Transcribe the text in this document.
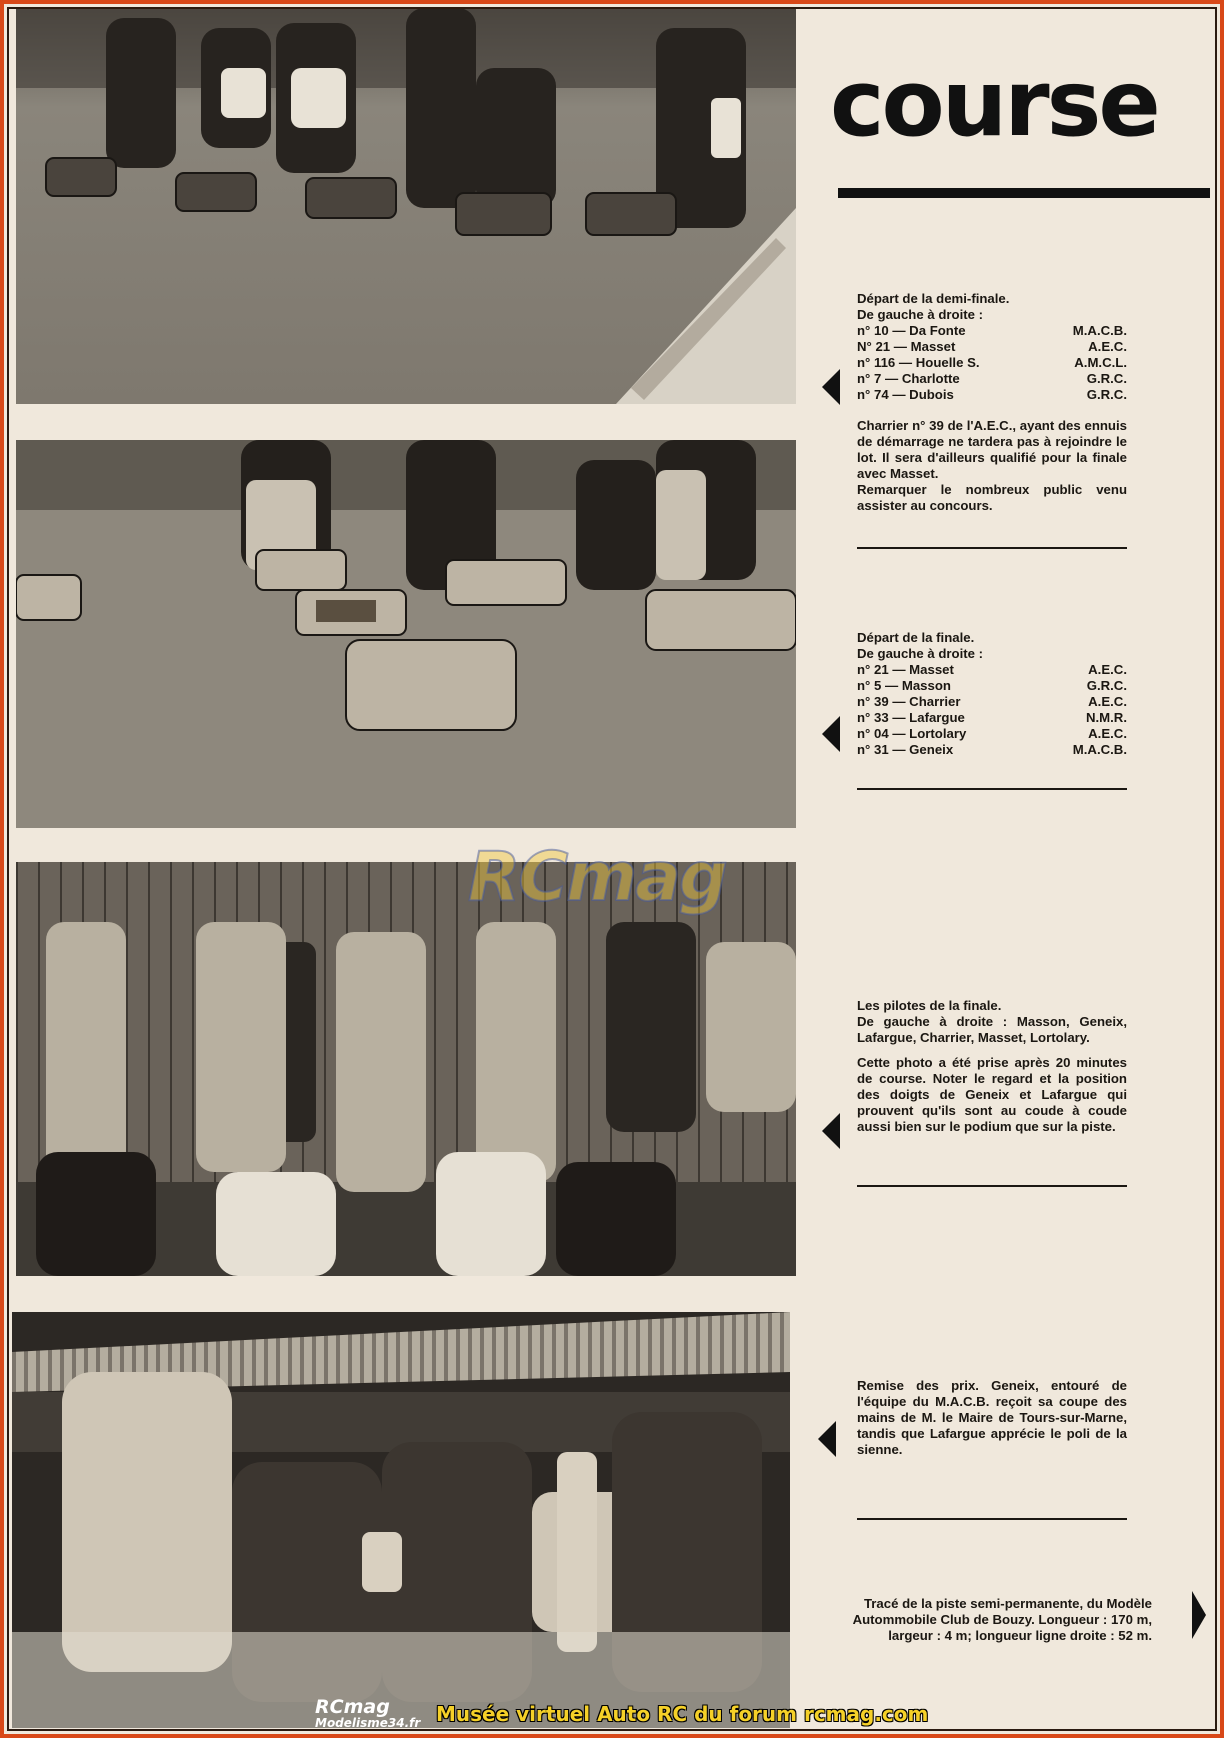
course

Départ de la demi-finale.

De gauche à droite :

n° 10 — Da Fonte	M.A.C.B.
N° 21 — Masset	A.E.C.
n° 116 — Houelle S.	A.M.C.L.
n° 7 — Charlotte	G.R.C.
n° 74 — Dubois	G.R.C.

Charrier n° 39 de l'A.E.C., ayant des ennuis de démarrage ne tardera pas à rejoindre le lot. Il sera d'ailleurs qualifié pour la finale avec Masset.

Remarquer le nombreux public venu assister au concours.

Départ de la finale.

De gauche à droite :

n° 21 — Masset	A.E.C.
n° 5 — Masson	G.R.C.
n° 39 — Charrier	A.E.C.
n° 33 — Lafargue	N.M.R.
n° 04 — Lortolary	A.E.C.
n° 31 — Geneix	M.A.C.B.

Les pilotes de la finale.

De gauche à droite : Masson, Geneix, Lafargue, Charrier, Masset, Lortolary.

Cette photo a été prise après 20 minutes de course. Noter le regard et la position des doigts de Geneix et Lafargue qui prouvent qu'ils sont au coude à coude aussi bien sur le podium que sur la piste.

Remise des prix. Geneix, entouré de l'équipe du M.A.C.B. reçoit sa coupe des mains de M. le Maire de Tours-sur-Marne, tandis que Lafargue apprécie le poli de la sienne.

Tracé de la piste semi-permanente, du Modèle Autommobile Club de Bouzy. Longueur : 170 m, largeur : 4 m; longueur ligne droite : 52 m.

RCmag
RCmag
Modelisme34.fr Musée virtuel Auto RC du forum rcmag.com
